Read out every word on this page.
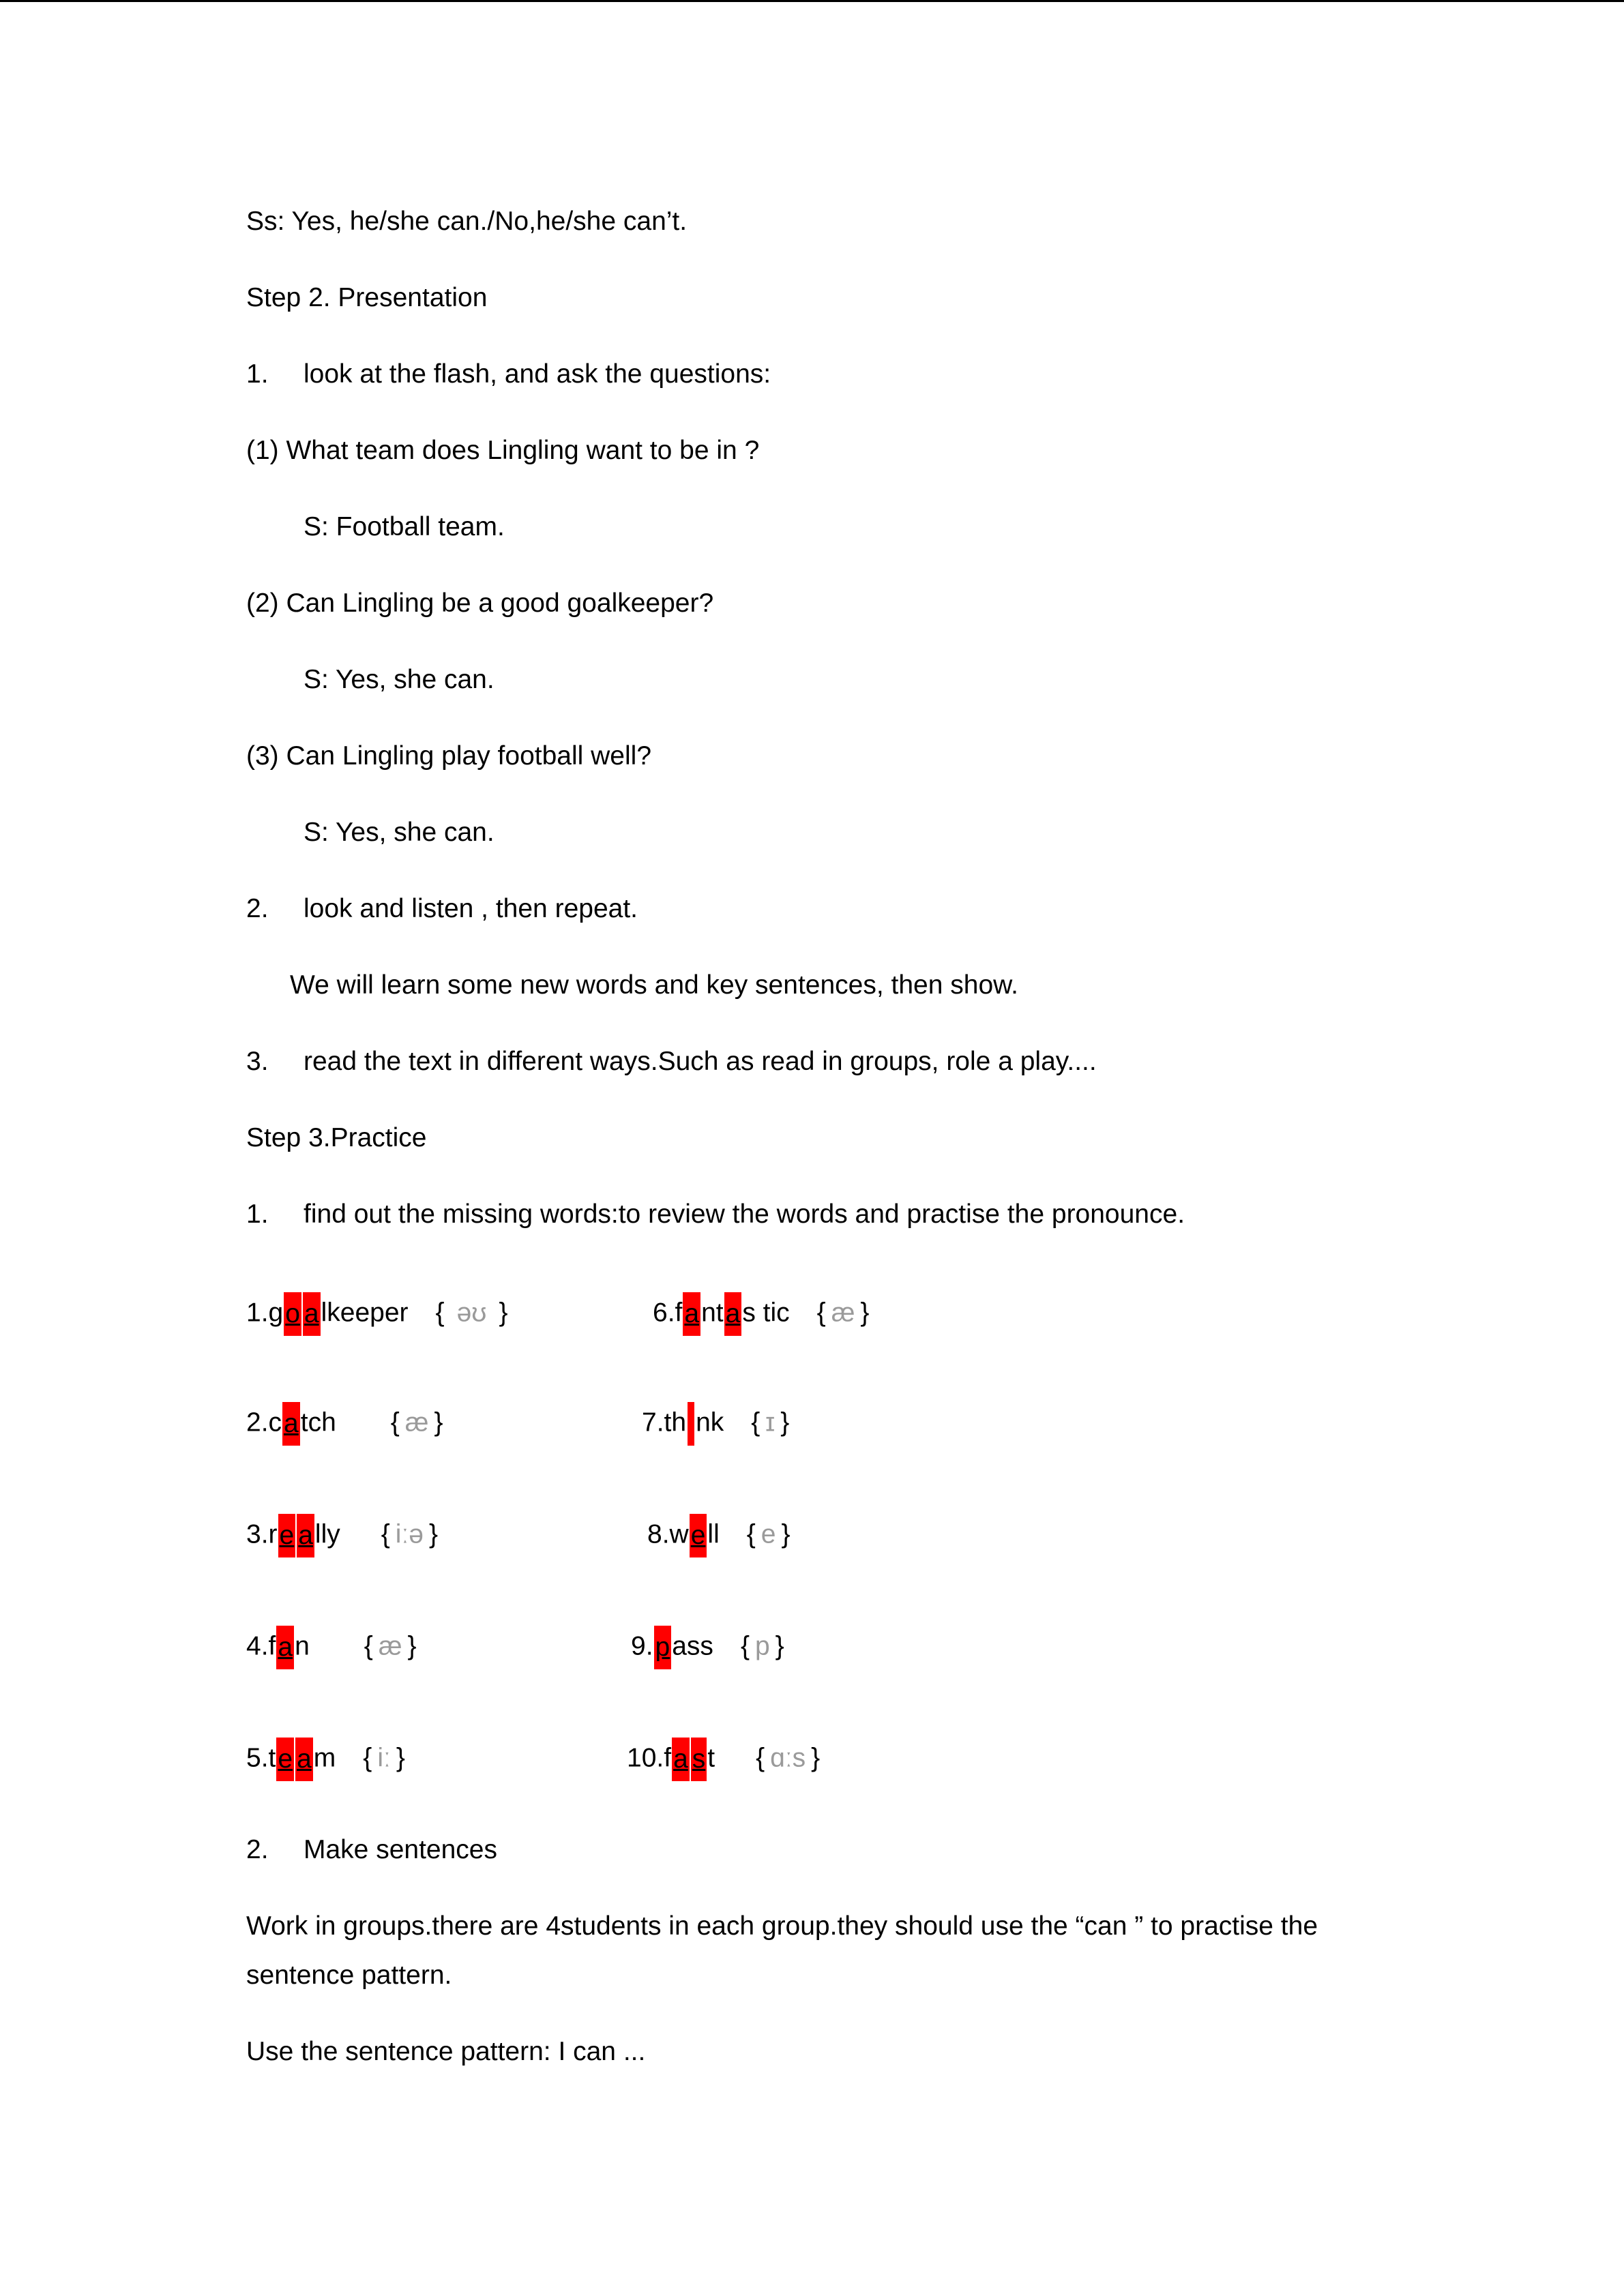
Ss: Yes, he/she can./No,he/she can’t.
Step 2. Presentation
1. look at the flash, and ask the questions:
(1) What team does Lingling want to be in ?
S: Football team.
(2) Can Lingling be a good goalkeeper?
S: Yes, she can.
(3) Can Lingling play football well?
S: Yes, she can.
2. look and listen , then repeat.
We will learn some new words and key sentences, then show.
3. read the text in different ways.Such as read in groups, role a play....
Step 3.Practice
1. find out the missing words:to review the words and practise the pronounce.
1.go alkeeper { əʊ }	6.fantas tic { æ }
2.catch { æ }	7.th nk { ɪ }
3.re ally { iːə }	8.well { e }
4.fan { æ }	9.pass { p }
5.te am { iː }	10.fa st { ɑːs }
2. Make sentences
Work in groups.there are 4students in each group.they should use the “can ” to practise the
sentence pattern.
Use the sentence pattern: I can ...
